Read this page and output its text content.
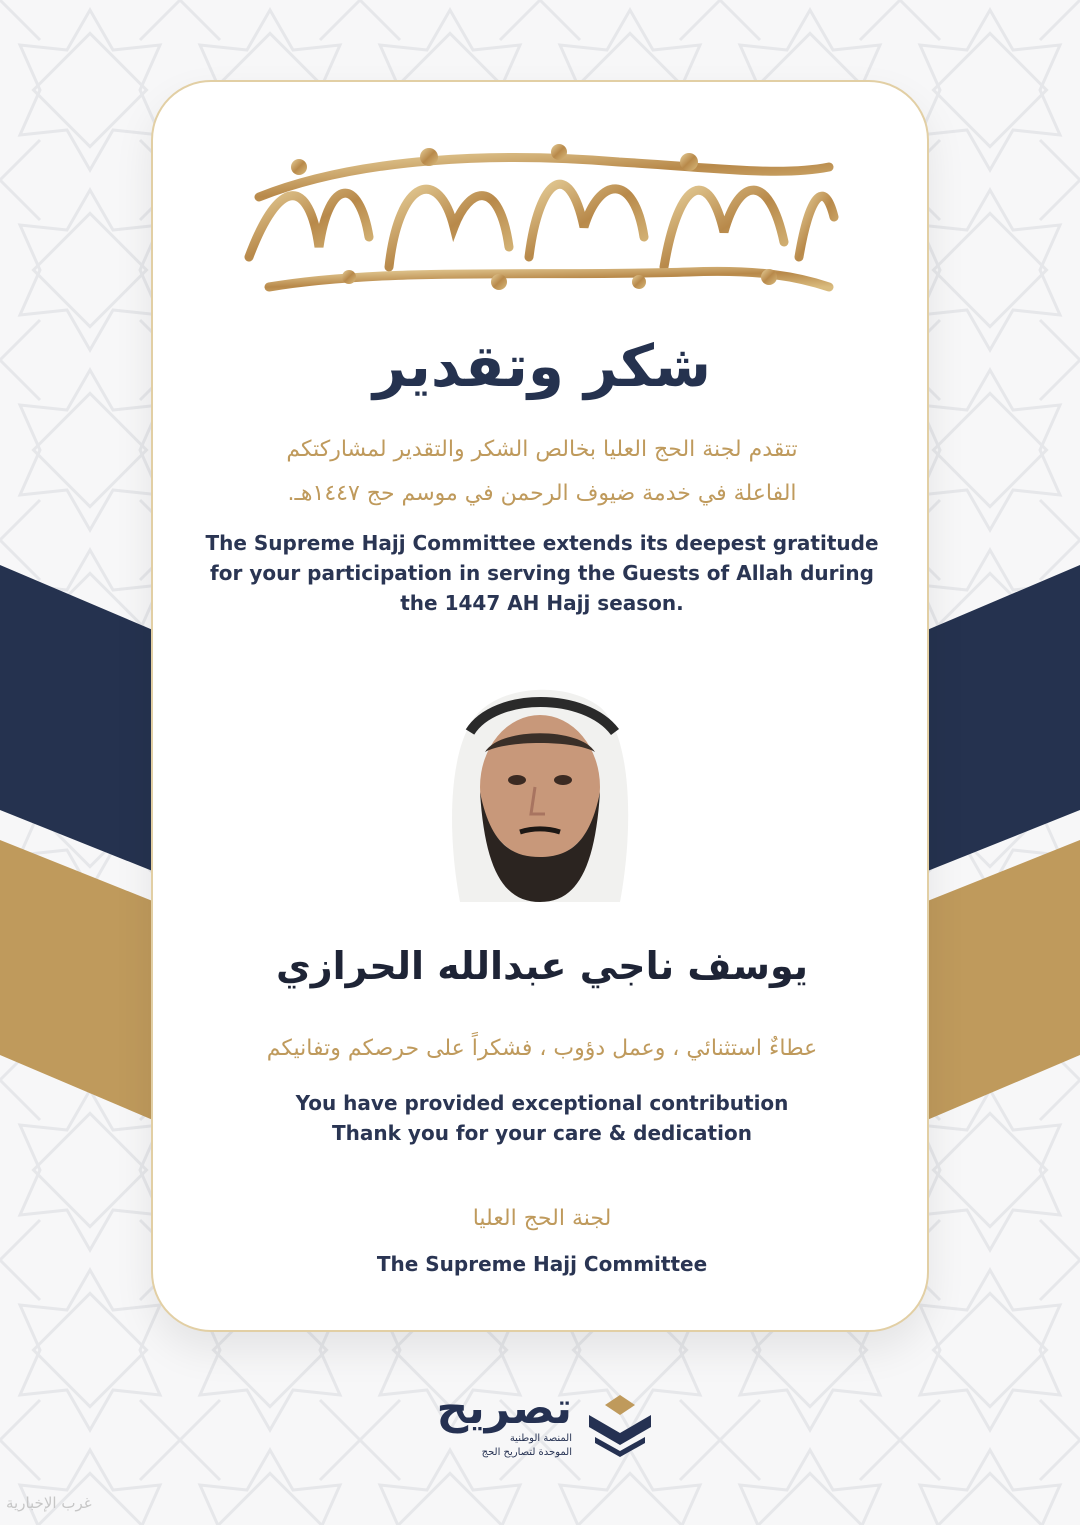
شكر وتقدير
تتقدم لجنة الحج العليا بخالص الشكر والتقدير لمشاركتكم
الفاعلة في خدمة ضيوف الرحمن في موسم حج ١٤٤٧هـ.
The Supreme Hajj Committee extends its deepest gratitude
for your participation in serving the Guests of Allah during
the 1447 AH Hajj season.
يوسف ناجي عبدالله الحرازي
عطاءٌ استثنائي ، وعمل دؤوب ، فشكراً على حرصكم وتفانيكم
You have provided exceptional contribution
Thank you for your care & dedication
لجنة الحج العليا
The Supreme Hajj Committee
تصريح
المنصة الوطنية
الموحدة لتصاريح الحج
غرب الإخبارية
